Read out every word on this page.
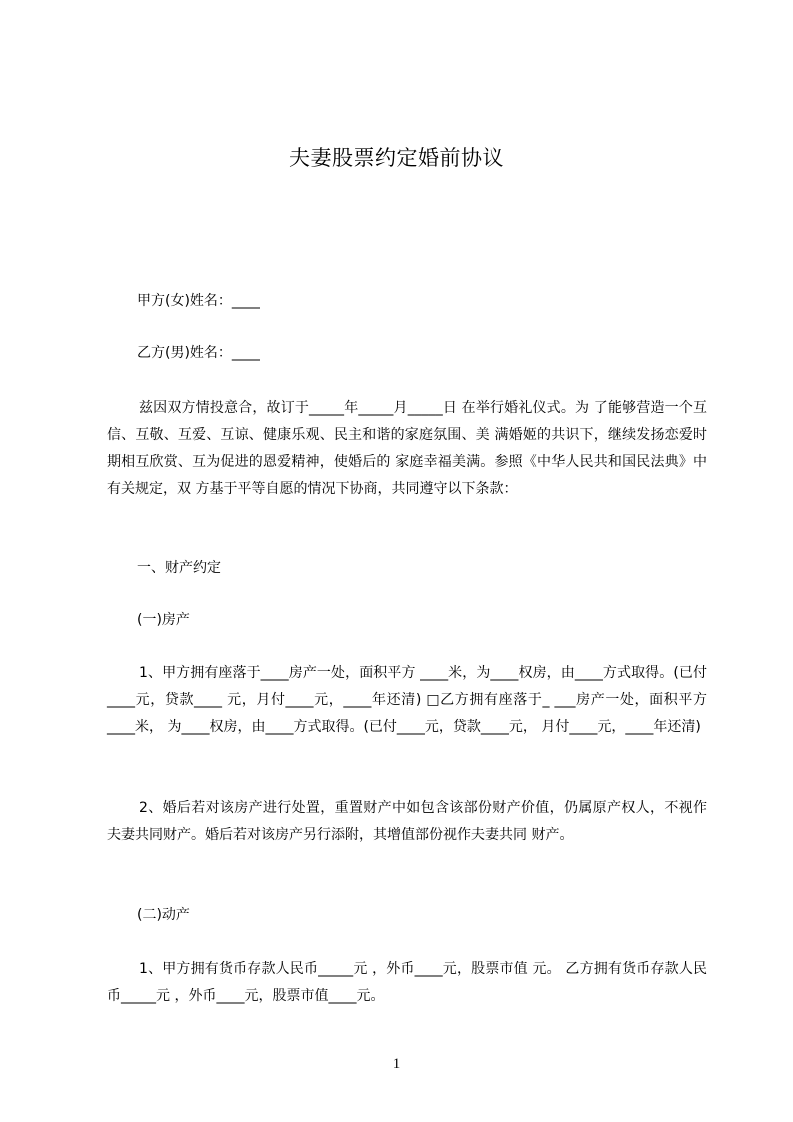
夫妻股票约定婚前协议
甲方(女)姓名：____
乙方(男)姓名：____
兹因双方情投意合，故订于_____年_____月_____日 在举行婚礼仪式。为 了能够营造一个互信、互敬、互爱、互谅、健康乐观、民主和谐的家庭氛围、美 满婚姬的共识下，继续发扬恋爱时期相互欣赏、互为促进的恩爱精神，使婚后的 家庭幸福美满。参照《中华人民共和国民法典》中有关规定，双 方基于平等自愿的情况下协商，共同遵守以下条款：
一、财产约定
(一)房产
1、甲方拥有座落于____房产一处，面积平方 ____米，为____权房，由____方式取得。(已付____元，贷款____ 元，月付____元，____年还清) □乙方拥有座落于_ ___房产一处，面积平方____米， 为____权房，由____方式取得。(已付____元，贷款____元， 月付____元，____年还清)
2、婚后若对该房产进行处置，重置财产中如包含该部份财产价值，仍属原产权人，不视作夫妻共同财产。婚后若对该房产另行添附，其增值部份视作夫妻共同 财产。
(二)动产
1、甲方拥有货币存款人民币_____元 ，外币____元，股票市值 元。 乙方拥有货币存款人民币_____元 ，外币____元，股票市值____元。
1
